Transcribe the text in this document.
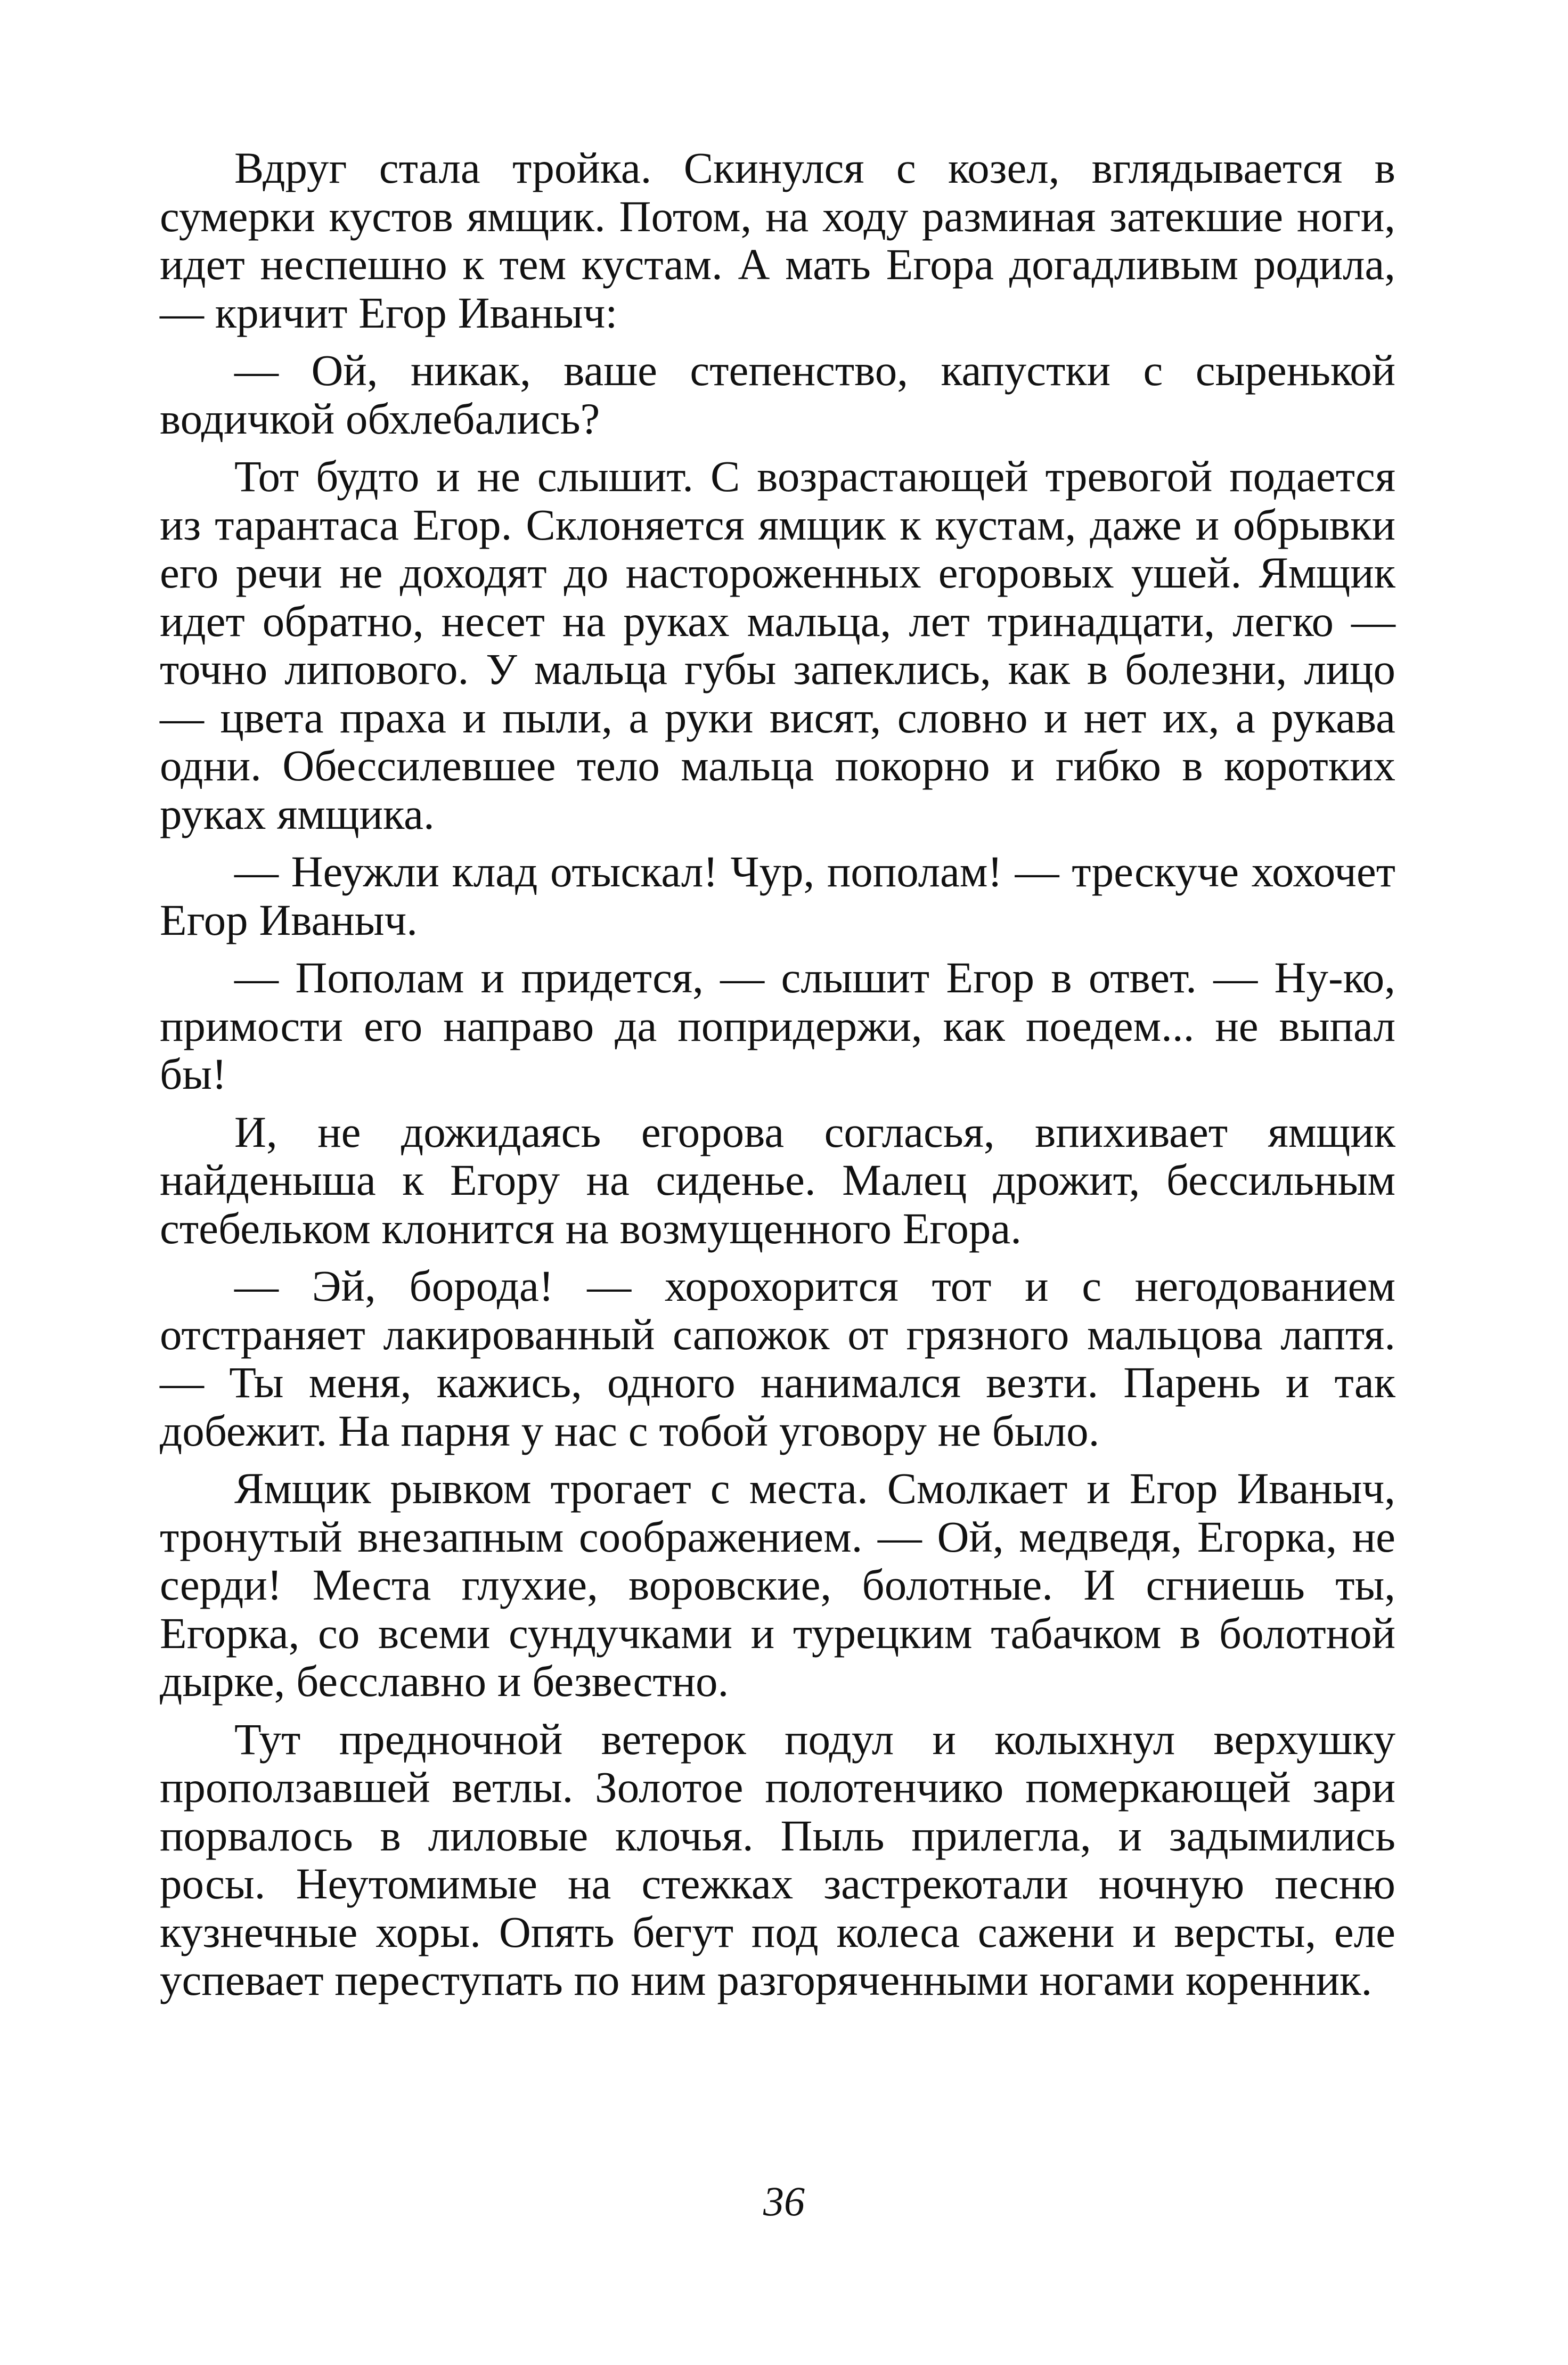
Вдруг стала тройка. Скинулся с козел, вглядывается в сумерки кустов ямщик. Потом, на ходу разминая затекшие ноги, идет неспешно к тем кустам. А мать Егора догадливым родила, — кричит Егор Иваныч:

— Ой, никак, ваше степенство, капустки с сыренькой водичкой обхлебались?

Тот будто и не слышит. С возрастающей тревогой подается из тарантаса Егор. Склоняется ямщик к кустам, даже и обрывки его речи не доходят до настороженных егоровых ушей. Ямщик идет обратно, несет на руках мальца, лет тринадцати, легко — точно липового. У мальца губы запеклись, как в болезни, лицо — цвета праха и пыли, а руки висят, словно и нет их, а рукава одни. Обессилевшее тело мальца покорно и гибко в коротких руках ямщика.

— Неужли клад отыскал! Чур, пополам! — трескуче хохочет Егор Иваныч.

— Пополам и придется, — слышит Егор в ответ. — Ну-ко, примости его направо да попридержи, как поедем... не выпал бы!

И, не дожидаясь егорова согласья, впихивает ямщик найденыша к Егору на сиденье. Малец дрожит, бессильным стебельком клонится на возмущенного Егора.

— Эй, борода! — хорохорится тот и с негодованием отстраняет лакированный сапожок от грязного мальцова лаптя. — Ты меня, кажись, одного нанимался везти. Парень и так добежит. На парня у нас с тобой уговору не было.

Ямщик рывком трогает с места. Смолкает и Егор Иваныч, тронутый внезапным соображением. — Ой, медведя, Егорка, не серди! Места глухие, воровские, болотные. И сгниешь ты, Егорка, со всеми сундучками и турецким табачком в болотной дырке, бесславно и безвестно.

Тут предночной ветерок подул и колыхнул верхушку проползавшей ветлы. Золотое полотенчико померкающей зари порвалось в лиловые клочья. Пыль прилегла, и задымились росы. Неутомимые на стежках застрекотали ночную песню кузнечные хоры. Опять бегут под колеса сажени и версты, еле успевает переступать по ним разгоряченными ногами коренник.

36
